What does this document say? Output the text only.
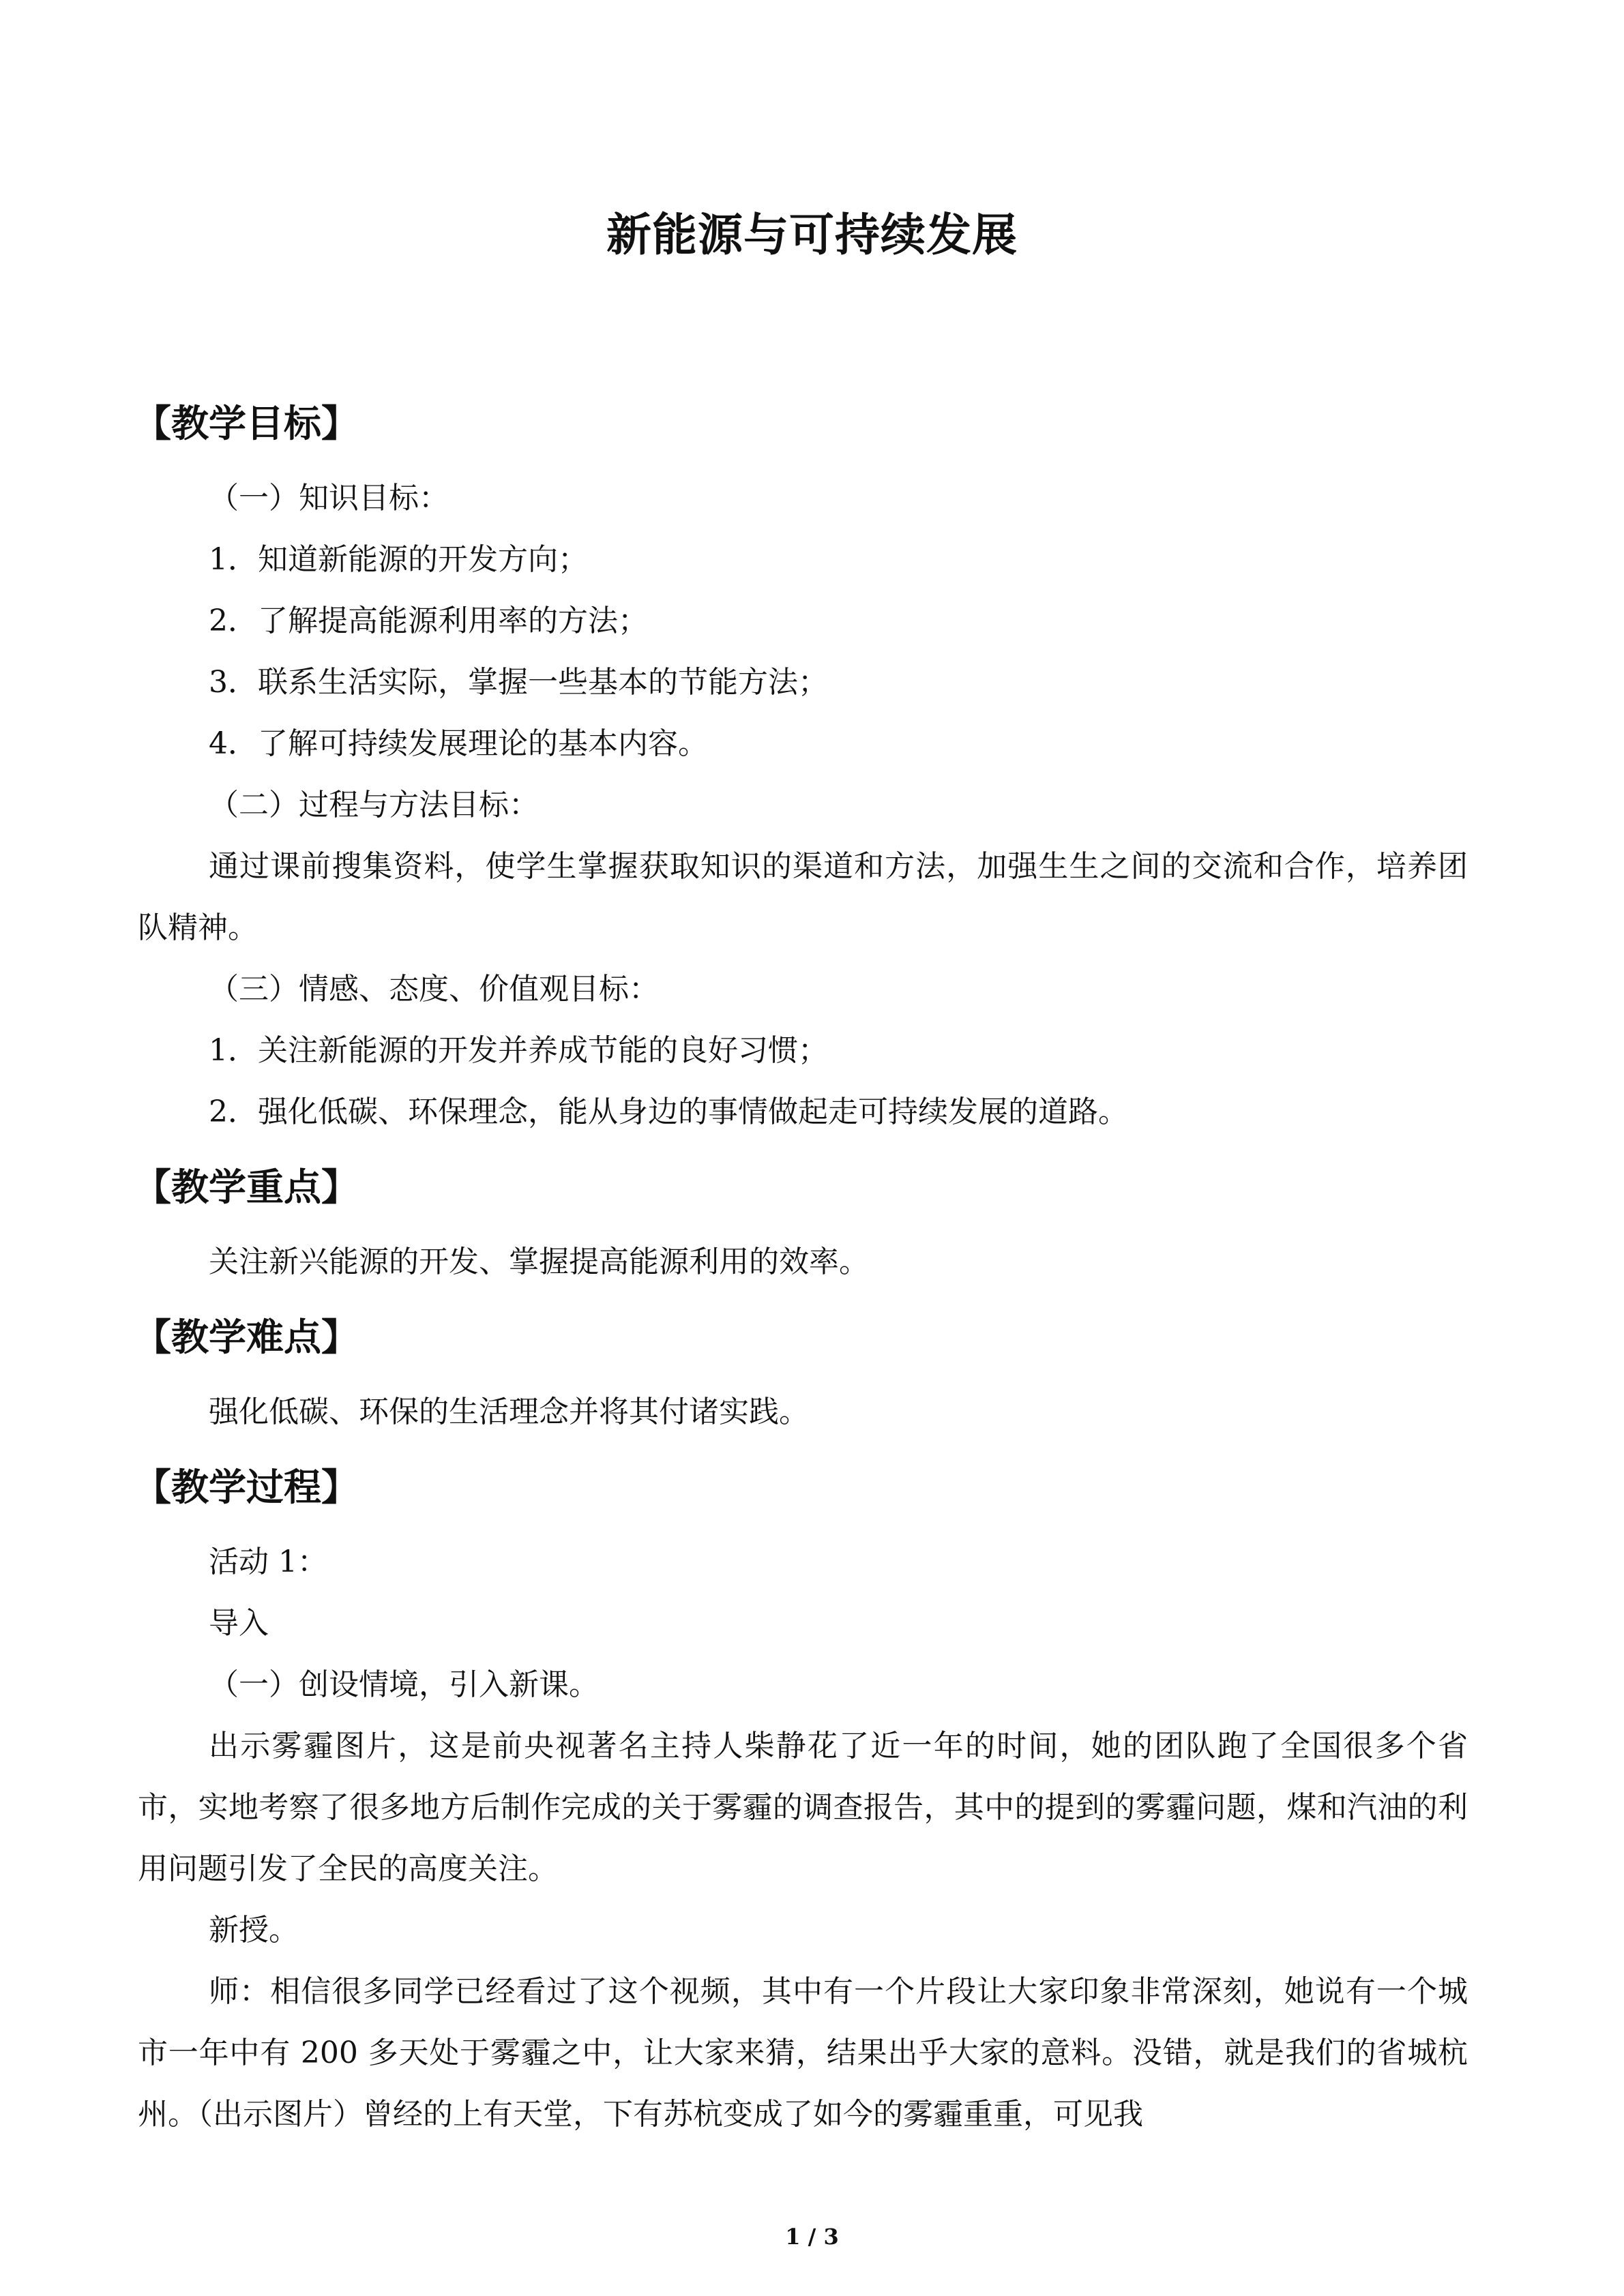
新能源与可持续发展
【教学目标】

（一）知识目标：

1．知道新能源的开发方向；

2．了解提高能源利用率的方法；

3．联系生活实际，掌握一些基本的节能方法；

4．了解可持续发展理论的基本内容。

（二）过程与方法目标：

通过课前搜集资料，使学生掌握获取知识的渠道和方法，加强生生之间的交流和合作，培养团队精神。

（三）情感、态度、价值观目标：

1．关注新能源的开发并养成节能的良好习惯；

2．强化低碳、环保理念，能从身边的事情做起走可持续发展的道路。

【教学重点】

关注新兴能源的开发、掌握提高能源利用的效率。

【教学难点】

强化低碳、环保的生活理念并将其付诸实践。

【教学过程】

活动 1：

导入

（一）创设情境，引入新课。

出示雾霾图片，这是前央视著名主持人柴静花了近一年的时间，她的团队跑了全国很多个省市，实地考察了很多地方后制作完成的关于雾霾的调查报告，其中的提到的雾霾问题，煤和汽油的利用问题引发了全民的高度关注。

新授。

师：相信很多同学已经看过了这个视频，其中有一个片段让大家印象非常深刻，她说有一个城市一年中有 200 多天处于雾霾之中，让大家来猜，结果出乎大家的意料。没错，就是我们的省城杭州。（出示图片）曾经的上有天堂，下有苏杭变成了如今的雾霾重重，可见我

1 / 3
